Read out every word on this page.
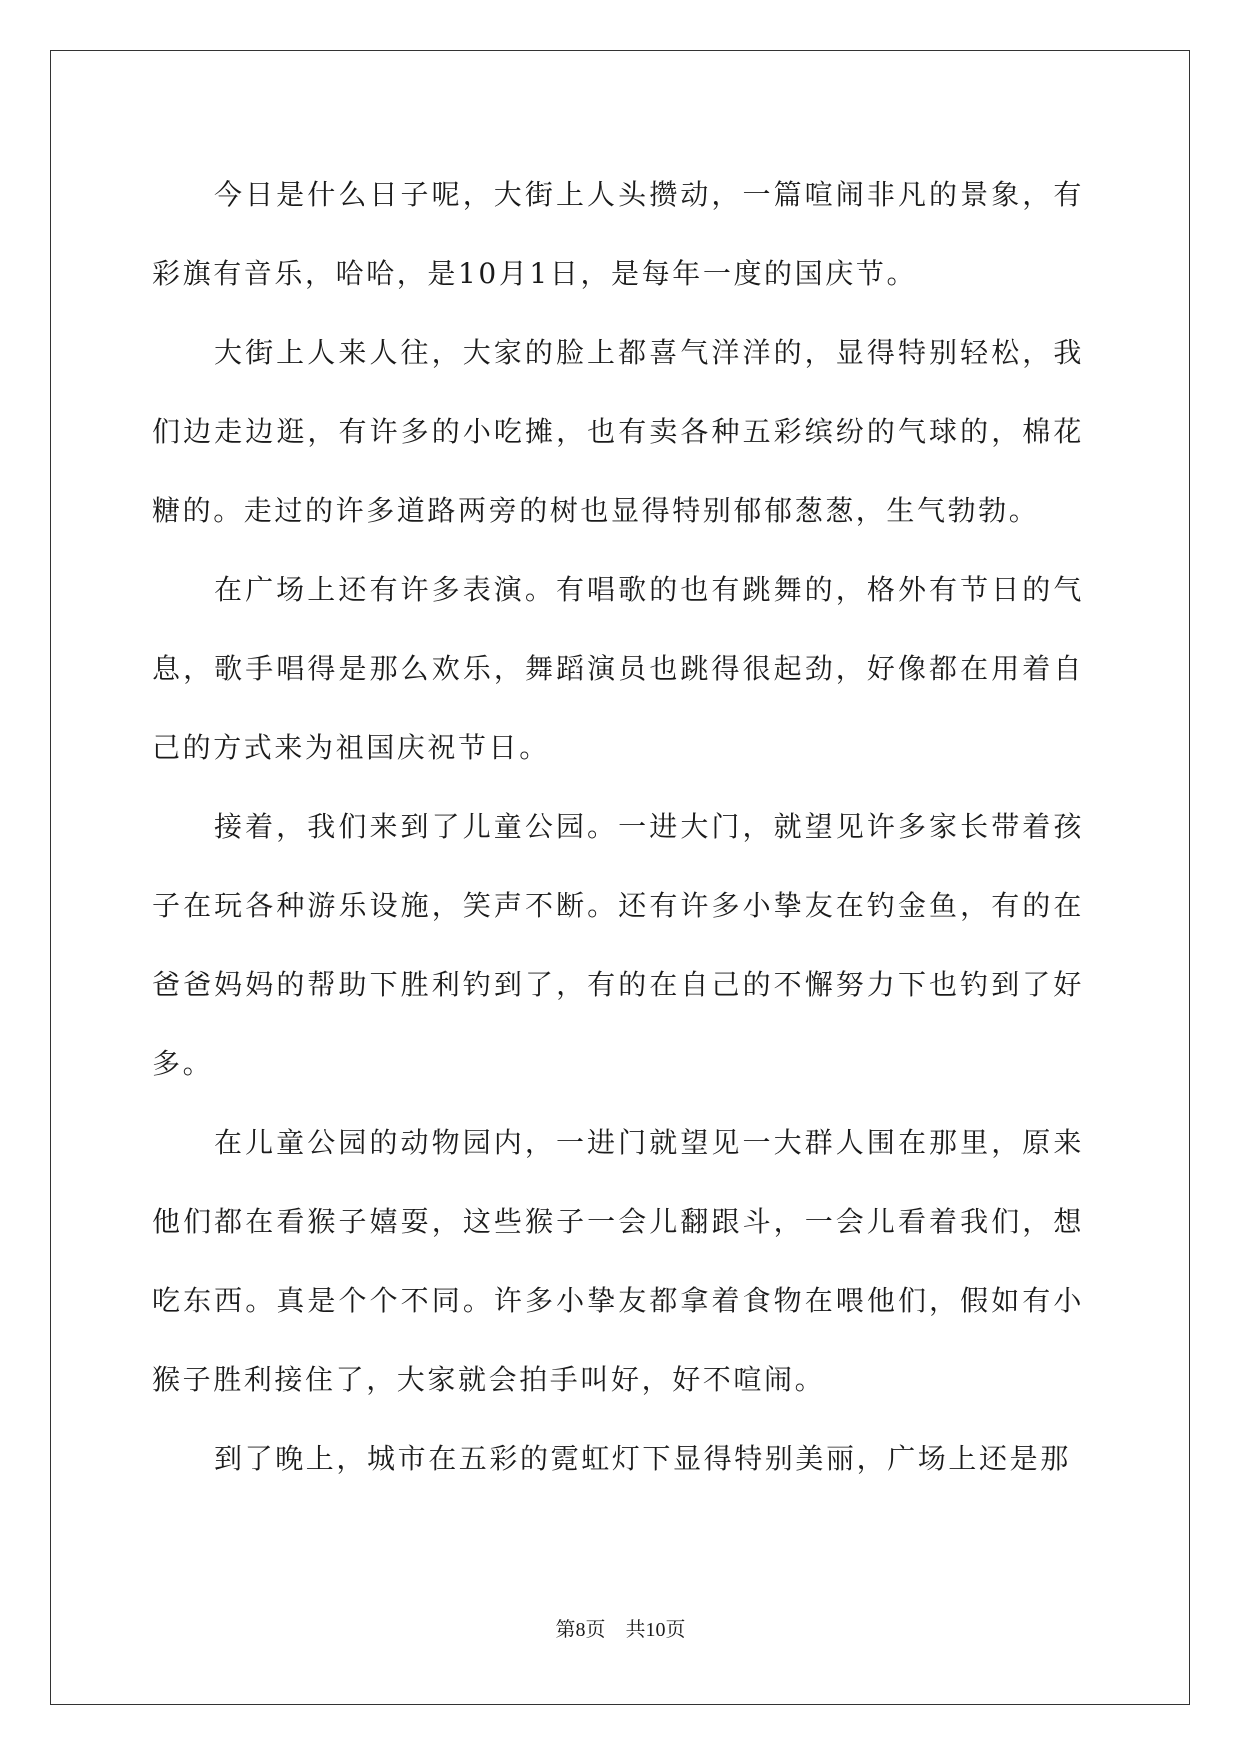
今日是什么日子呢，大街上人头攒动，一篇喧闹非凡的景象，有彩旗有音乐，哈哈，是10月1日，是每年一度的国庆节。

大街上人来人往，大家的脸上都喜气洋洋的，显得特别轻松，我们边走边逛，有许多的小吃摊，也有卖各种五彩缤纷的气球的，棉花糖的。走过的许多道路两旁的树也显得特别郁郁葱葱，生气勃勃。

在广场上还有许多表演。有唱歌的也有跳舞的，格外有节日的气息，歌手唱得是那么欢乐，舞蹈演员也跳得很起劲，好像都在用着自己的方式来为祖国庆祝节日。

接着，我们来到了儿童公园。一进大门，就望见许多家长带着孩子在玩各种游乐设施，笑声不断。还有许多小挚友在钓金鱼，有的在爸爸妈妈的帮助下胜利钓到了，有的在自己的不懈努力下也钓到了好多。

在儿童公园的动物园内，一进门就望见一大群人围在那里，原来他们都在看猴子嬉耍，这些猴子一会儿翻跟斗，一会儿看着我们，想吃东西。真是个个不同。许多小挚友都拿着食物在喂他们，假如有小猴子胜利接住了，大家就会拍手叫好，好不喧闹。

到了晚上，城市在五彩的霓虹灯下显得特别美丽，广场上还是那

第8页　共10页
